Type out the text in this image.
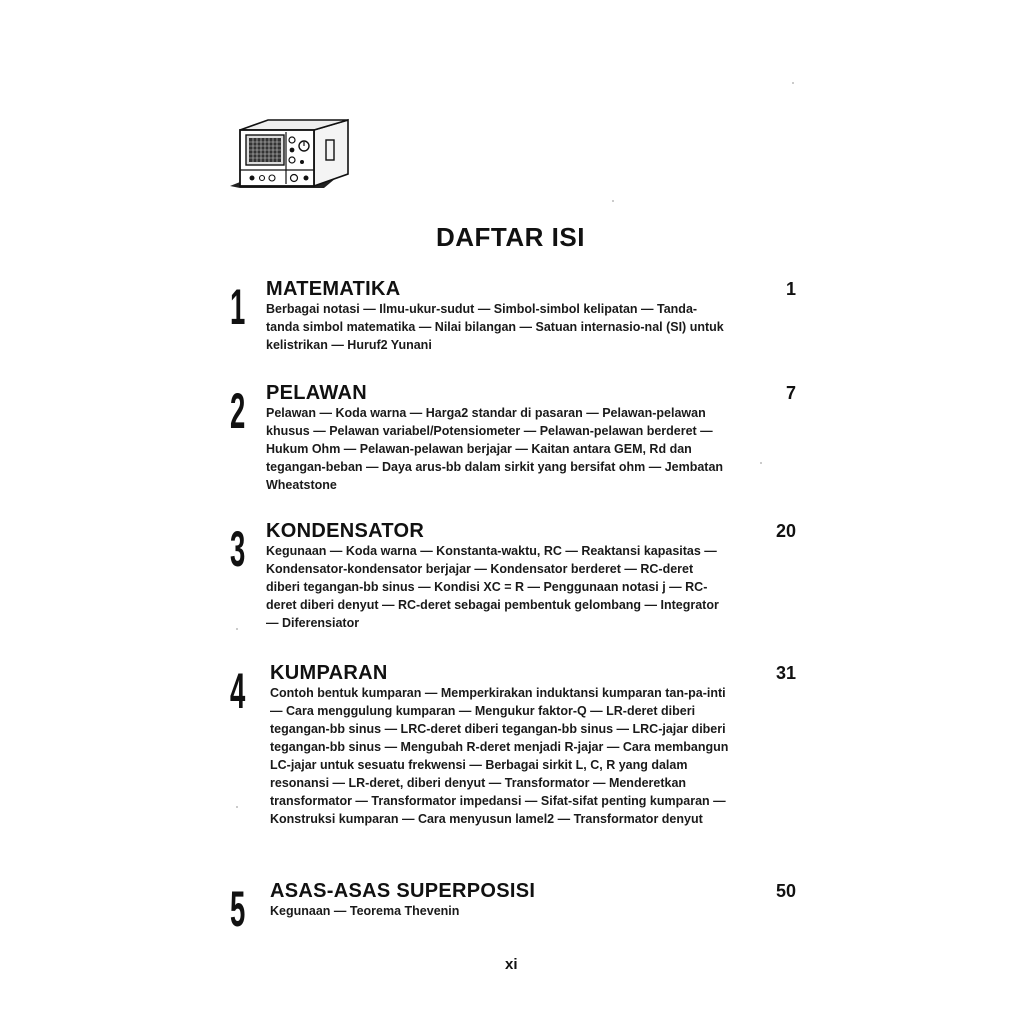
DAFTAR ISI
1 MATEMATIKA	1

Berbagai notasi — Ilmu-ukur-sudut — Simbol-simbol kelipatan — Tanda-tanda simbol matematika — Nilai bilangan — Satuan internasio-nal (SI) untuk kelistrikan — Huruf2 Yunani

2 PELAWAN	7

Pelawan — Koda warna — Harga2 standar di pasaran — Pelawan-pelawan khusus — Pelawan variabel/Potensiometer — Pelawan-pelawan berderet — Hukum Ohm — Pelawan-pelawan berjajar — Kaitan antara GEM, Rd dan tegangan-beban — Daya arus-bb dalam sirkit yang bersifat ohm — Jembatan Wheatstone

3 KONDENSATOR	20

Kegunaan — Koda warna — Konstanta-waktu, RC — Reaktansi kapasitas — Kondensator-kondensator berjajar — Kondensator berderet — RC-deret diberi tegangan-bb sinus — Kondisi XC = R — Penggunaan notasi j — RC-deret diberi denyut — RC-deret sebagai pembentuk gelombang — Integrator — Diferensiator

4 KUMPARAN	31

Contoh bentuk kumparan — Memperkirakan induktansi kumparan tan-pa-inti — Cara menggulung kumparan — Mengukur faktor-Q — LR-deret diberi tegangan-bb sinus — LRC-deret diberi tegangan-bb sinus — LRC-jajar diberi tegangan-bb sinus — Mengubah R-deret menjadi R-jajar — Cara membangun LC-jajar untuk sesuatu frekwensi — Berbagai sirkit L, C, R yang dalam resonansi — LR-deret, diberi denyut — Transformator — Menderetkan transformator — Transformator impedansi — Sifat-sifat penting kumparan — Konstruksi kumparan — Cara menyusun lamel2 — Transformator denyut

5 ASAS-ASAS SUPERPOSISI	50

Kegunaan — Teorema Thevenin

xi
